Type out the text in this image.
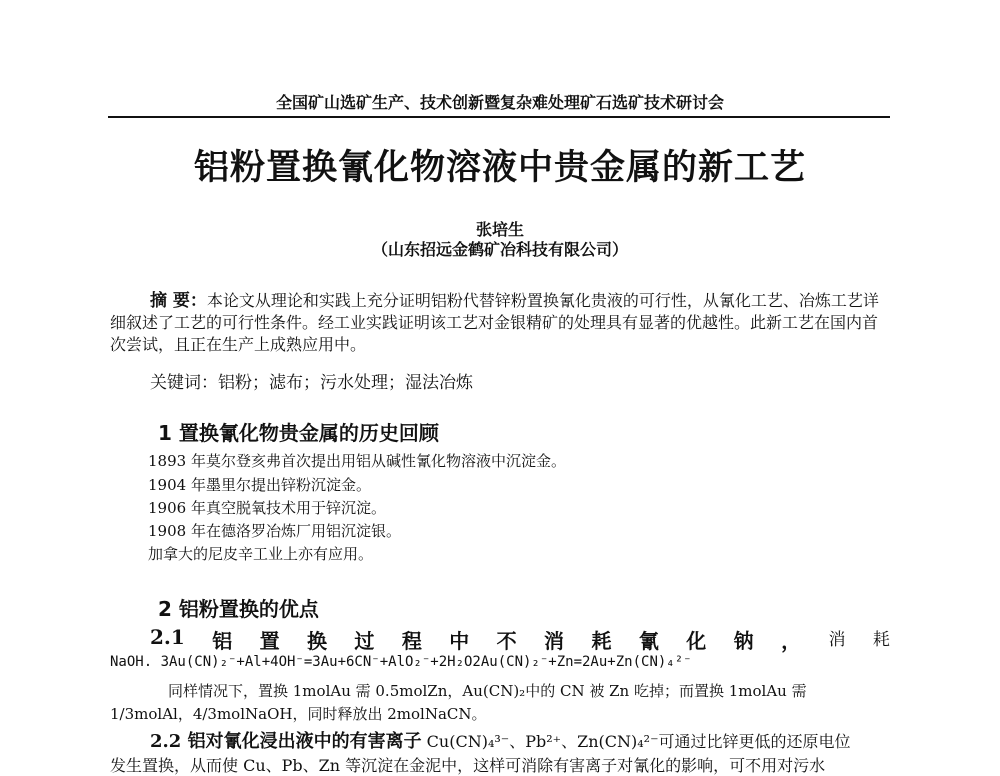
全国矿山选矿生产、技术创新暨复杂难处理矿石选矿技术研讨会
铝粉置换氰化物溶液中贵金属的新工艺
张培生
（山东招远金鹤矿冶科技有限公司）
摘 要：本论文从理论和实践上充分证明铝粉代替锌粉置换氰化贵液的可行性，从氰化工艺、冶炼工艺详细叙述了工艺的可行性条件。经工业实践证明该工艺对金银精矿的处理具有显著的优越性。此新工艺在国内首次尝试，且正在生产上成熟应用中。
关键词：铝粉；滤布；污水处理；湿法冶炼
1 置换氰化物贵金属的历史回顾
1893 年莫尔登亥弗首次提出用铝从碱性氰化物溶液中沉淀金。
1904 年墨里尔提出锌粉沉淀金。
1906 年真空脱氧技术用于锌沉淀。
1908 年在德洛罗冶炼厂用铝沉淀银。
加拿大的尼皮辛工业上亦有应用。
2 铝粉置换的优点
2.1 铝 置 换 过 程 中 不 消 耗 氰 化 钠 ， 消 耗
NaOH. 3Au(CN)₂⁻+Al+4OH⁻=3Au+6CN⁻+AlO₂⁻+2H₂O2Au(CN)₂⁻+Zn=2Au+Zn(CN)₄²⁻
同样情况下，置换 1molAu 需 0.5molZn，Au(CN)₂中的 CN 被 Zn 吃掉；而置换 1molAu 需 1/3molAl，4/3molNaOH，同时释放出 2molNaCN。
2.2 铝对氰化浸出液中的有害离子 Cu(CN)₄³⁻、Pb²⁺、Zn(CN)₄²⁻可通过比锌更低的还原电位
发生置换，从而使 Cu、Pb、Zn 等沉淀在金泥中，这样可消除有害离子对氰化的影响，可不用对污水
